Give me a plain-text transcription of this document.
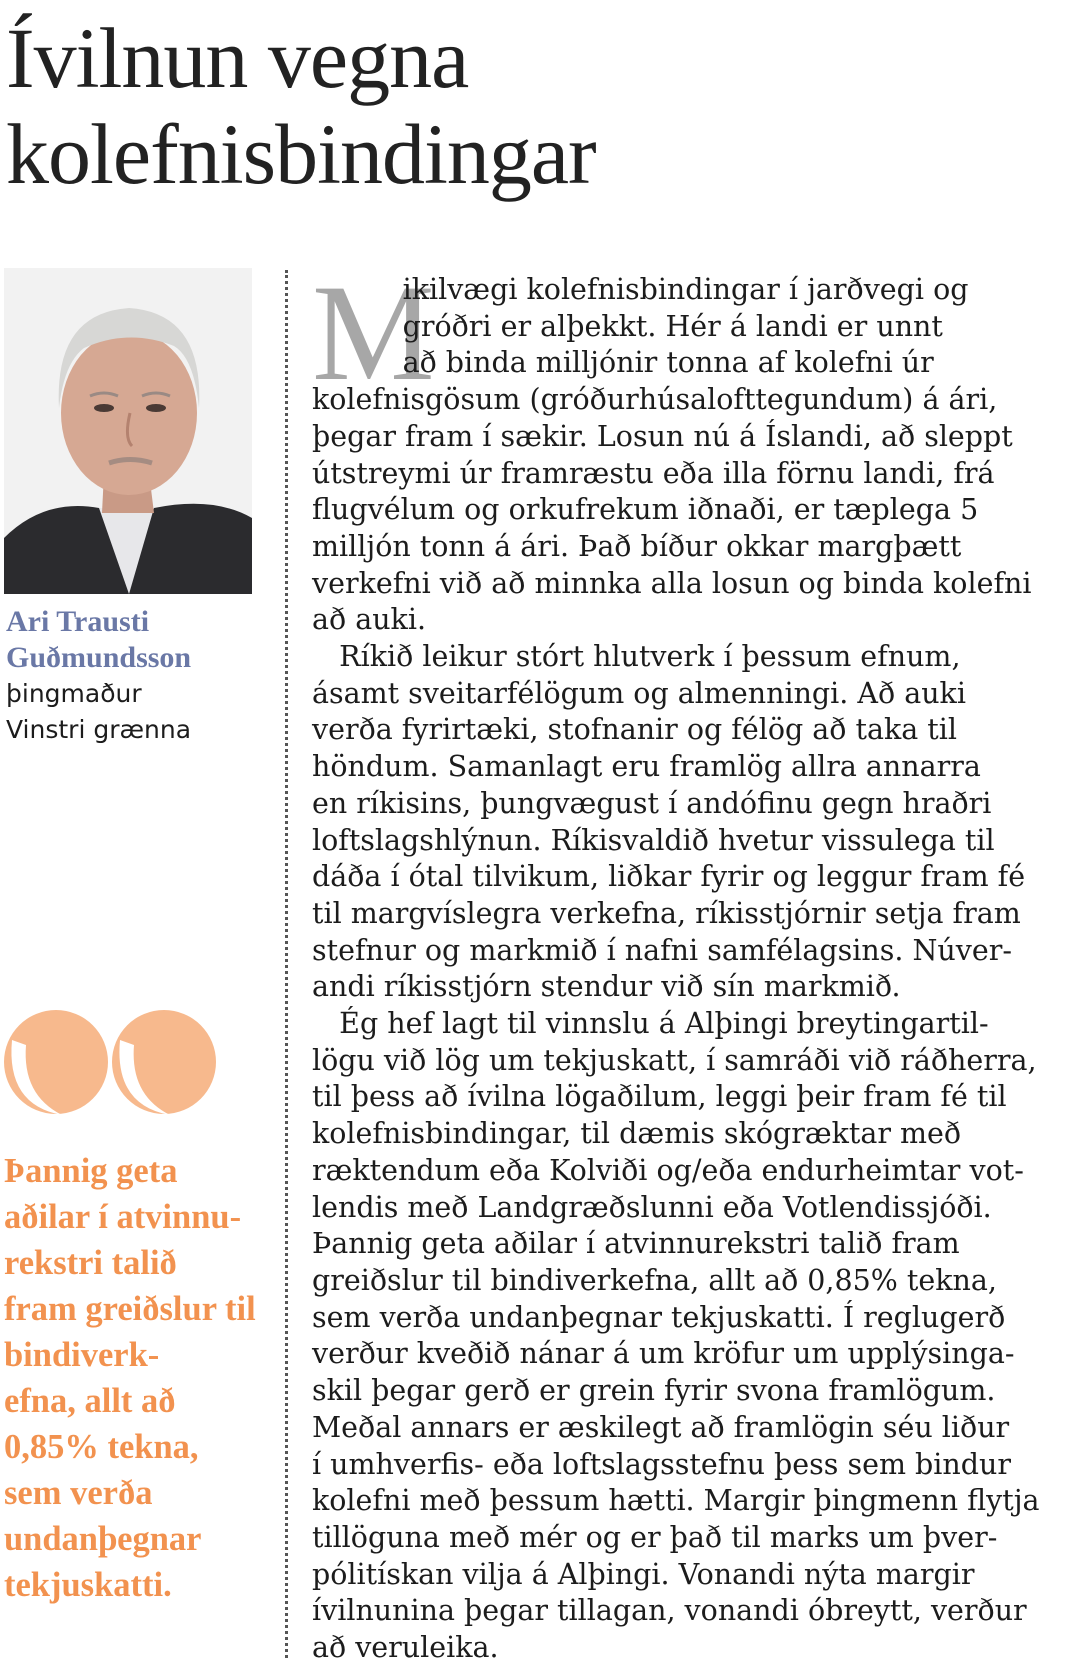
Ívilnun vegna kolefnisbindingar
Ari Trausti Guðmundsson
þingmaður
Vinstri grænna
Þannig geta aðilar í atvinnu-
rekstri talið fram greiðslur til bindiverk-
efna, allt að 0,85% tekna, sem verða undanþegnar tekjuskatti.
M
ikilvægi kolefnisbindingar í jarðvegi og
gróðri er alþekkt. Hér á landi er unnt
að binda milljónir tonna af kolefni úr
kolefnisgösum (gróðurhúsalofttegundum) á ári,
þegar fram í sækir. Losun nú á Íslandi, að sleppt
útstreymi úr framræstu eða illa förnu landi, frá
flugvélum og orkufrekum iðnaði, er tæplega 5
milljón tonn á ári. Það bíður okkar margþætt
verkefni við að minnka alla losun og binda kolefni
að auki.
Ríkið leikur stórt hlutverk í þessum efnum,
ásamt sveitarfélögum og almenningi. Að auki
verða fyrirtæki, stofnanir og félög að taka til
höndum. Samanlagt eru framlög allra annarra
en ríkisins, þungvægust í andófinu gegn hraðri
loftslagshlýnun. Ríkisvaldið hvetur vissulega til
dáða í ótal tilvikum, liðkar fyrir og leggur fram fé
til margvíslegra verkefna, ríkisstjórnir setja fram
stefnur og markmið í nafni samfélagsins. Núver-
andi ríkisstjórn stendur við sín markmið.
Ég hef lagt til vinnslu á Alþingi breytingartil-
lögu við lög um tekjuskatt, í samráði við ráðherra,
til þess að ívilna lögaðilum, leggi þeir fram fé til
kolefnisbindingar, til dæmis skógræktar með
ræktendum eða Kolviði og/eða endurheimtar vot-
lendis með Landgræðslunni eða Votlendissjóði.
Þannig geta aðilar í atvinnurekstri talið fram
greiðslur til bindiverkefna, allt að 0,85% tekna,
sem verða undanþegnar tekjuskatti. Í reglugerð
verður kveðið nánar á um kröfur um upplýsinga-
skil þegar gerð er grein fyrir svona framlögum.
Meðal annars er æskilegt að framlögin séu liður
í umhverfis- eða loftslagsstefnu þess sem bindur
kolefni með þessum hætti. Margir þingmenn flytja
tillöguna með mér og er það til marks um þver-
pólitískan vilja á Alþingi. Vonandi nýta margir
ívilnunina þegar tillagan, vonandi óbreytt, verður
að veruleika.
